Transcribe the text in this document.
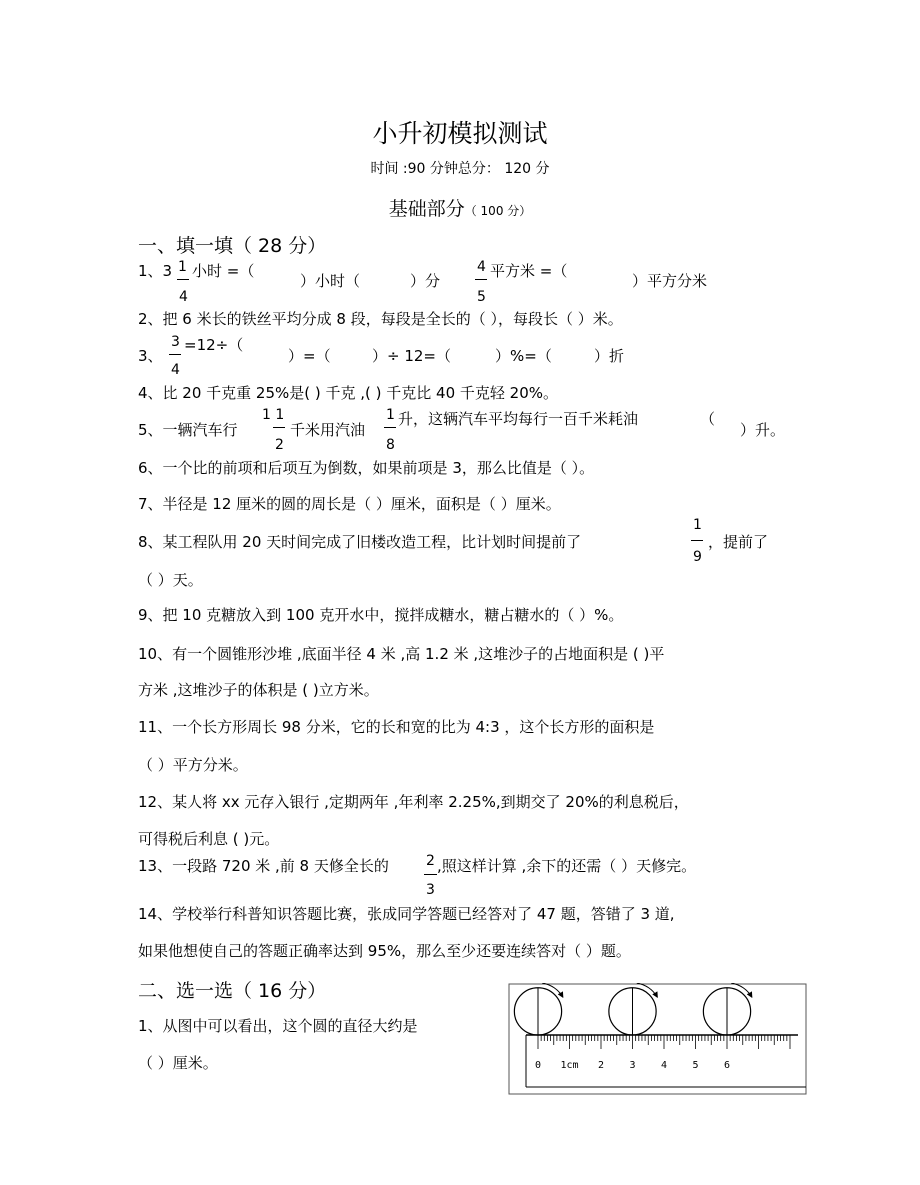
小升初模拟测试
时间 :90 分钟总分： 120 分
基础部分（ 100 分）
一、填一填（ 28 分）
1、3 1
4
小时 =（
）小时（	）分
4
5
平方米 =（
）平方分米
2、把 6 米长的铁丝平均分成 8 段，每段是全长的（ ），每段长（ ）米。
3、
3
4
=12÷（
）=（	）÷ 12=（	）%=（	）折
4、比 20 千克重 25%是( ) 千克 ,( ) 千克比 40 千克轻 20%。
5、一辆汽车行
1 1
2
千米用汽油
1
8
升，这辆汽车平均每行一百千米耗油	（
）升。
6、一个比的前项和后项互为倒数，如果前项是 3，那么比值是（ ）。
7、半径是 12 厘米的圆的周长是（ ）厘米，面积是（ ）厘米。
8、某工程队用 20 天时间完成了旧楼改造工程，比计划时间提前了
1
9
，提前了
（ ）天。
9、把 10 克糖放入到 100 克开水中，搅拌成糖水，糖占糖水的（ ）%。
10、有一个圆锥形沙堆 ,底面半径 4 米 ,高 1.2 米 ,这堆沙子的占地面积是 ( )平
方米 ,这堆沙子的体积是 ( )立方米。
11、一个长方形周长 98 分米，它的长和宽的比为 4:3 ，这个长方形的面积是
（ ）平方分米。
12、某人将 xx 元存入银行 ,定期两年 ,年利率 2.25%,到期交了 20%的利息税后，
可得税后利息 ( )元。
13、一段路 720 米 ,前 8 天修全长的	2
3
,照这样计算 ,余下的还需（ ）天修完。
14、学校举行科普知识答题比赛，张成同学答题已经答对了 47 题，答错了 3 道,
如果他想使自己的答题正确率达到 95%，那么至少还要连续答对（ ）题。
二、选一选（ 16 分）
1、从图中可以看出，这个圆的直径大约是
（ ）厘米。	0 1cm 2	3	4	5	6
